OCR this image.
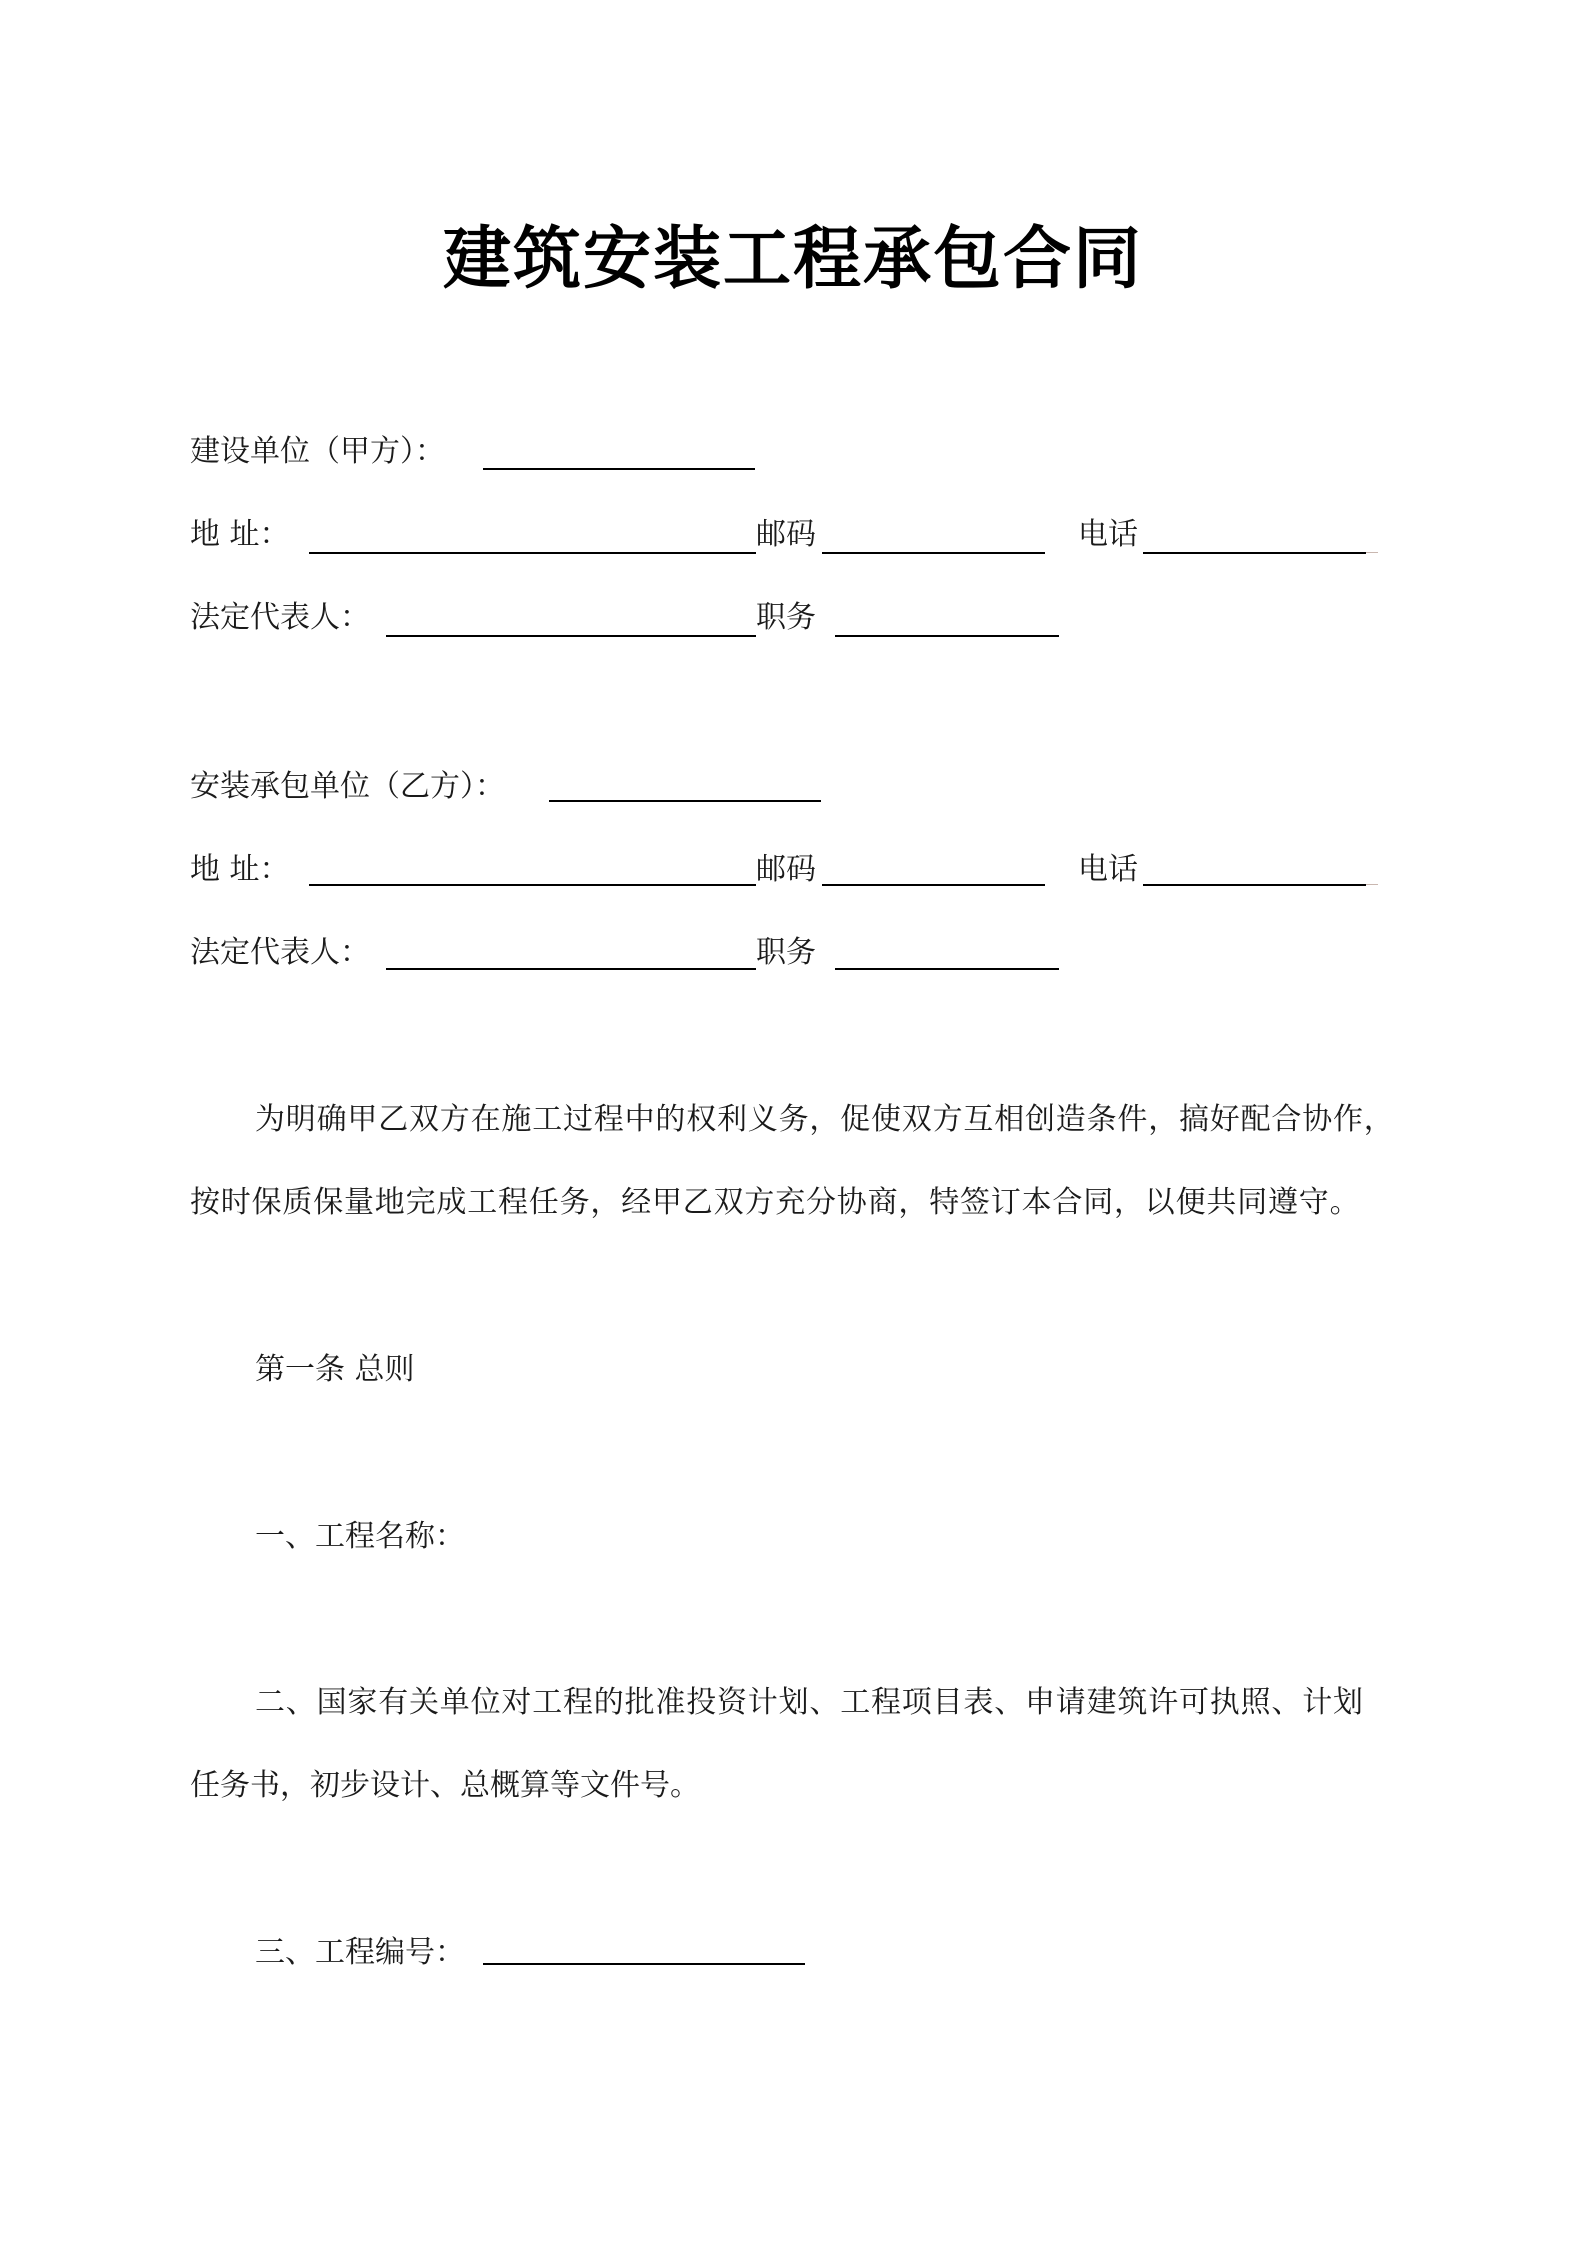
建筑安装工程承包合同
建设单位（甲方）：
地 址：	邮码	电话
法定代表人：	职务
安装承包单位（乙方）：
地 址：	邮码	电话
法定代表人：	职务
为明确甲乙双方在施工过程中的权利义务，促使双方互相创造条件，搞好配合协作，
按时保质保量地完成工程任务，经甲乙双方充分协商，特签订本合同，以便共同遵守。
第一条 总则
一、工程名称：
二、国家有关单位对工程的批准投资计划、工程项目表、申请建筑许可执照、计划
任务书，初步设计、总概算等文件号。
三、工程编号：
